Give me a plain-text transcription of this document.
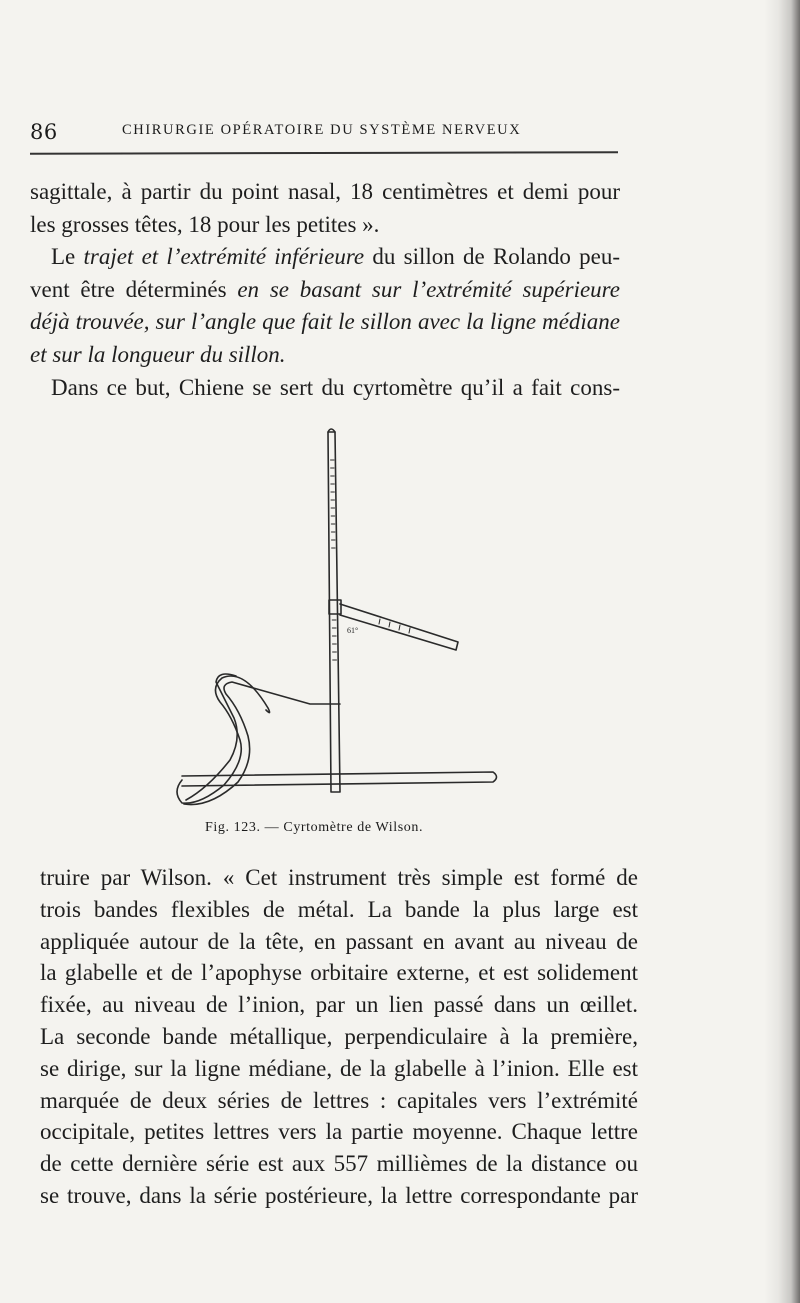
86	CHIRURGIE OPÉRATOIRE DU SYSTÈME NERVEUX
sagittale, à partir du point nasal, 18 centimètres et demi pour
les grosses têtes, 18 pour les petites ».
Le trajet et l’extrémité inférieure du sillon de Rolando peu-
vent être déterminés en se basant sur l’extrémité supérieure
déjà trouvée, sur l’angle que fait le sillon avec la ligne médiane
et sur la longueur du sillon.
Dans ce but, Chiene se sert du cyrtomètre qu’il a fait cons-
61°
Fig. 123. — Cyrtomètre de Wilson.
truire par Wilson. « Cet instrument très simple est formé de
trois bandes flexibles de métal. La bande la plus large est
appliquée autour de la tête, en passant en avant au niveau de
la glabelle et de l’apophyse orbitaire externe, et est solidement
fixée, au niveau de l’inion, par un lien passé dans un œillet.
La seconde bande métallique, perpendiculaire à la première,
se dirige, sur la ligne médiane, de la glabelle à l’inion. Elle est
marquée de deux séries de lettres : capitales vers l’extrémité
occipitale, petites lettres vers la partie moyenne. Chaque lettre
de cette dernière série est aux 557 millièmes de la distance ou
se trouve, dans la série postérieure, la lettre correspondante par
